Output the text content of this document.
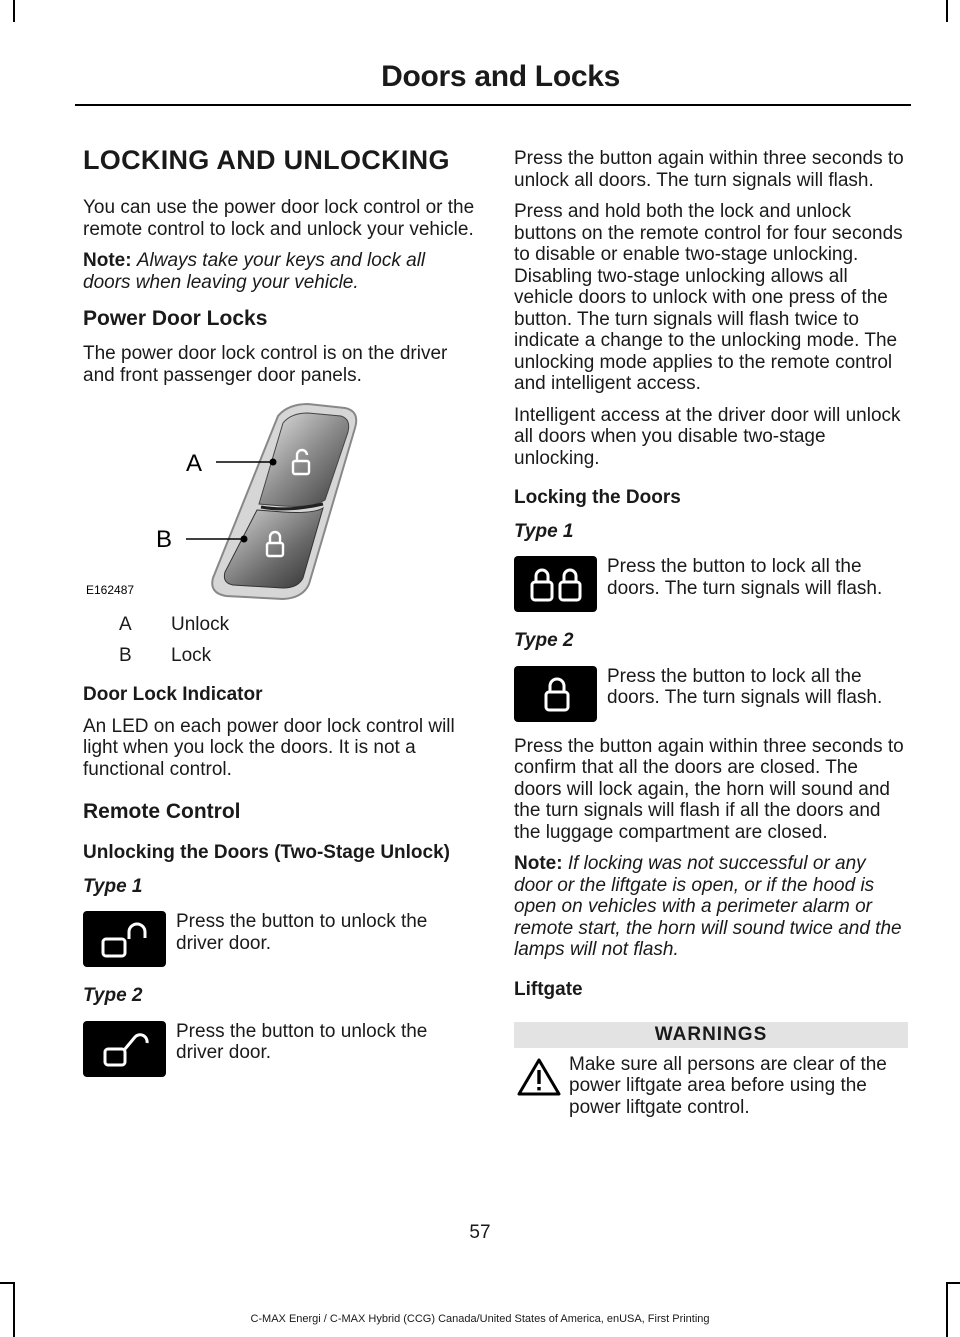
Doors and Locks
LOCKING AND UNLOCKING

You can use the power door lock control or the remote control to lock and unlock your vehicle.

Note: Always take your keys and lock all doors when leaving your vehicle.

Power Door Locks

The power door lock control is on the driver and front passenger door panels.

A
B
E162487
A	Unlock
B	Lock
Door Lock Indicator

An LED on each power door lock control will light when you lock the doors. It is not a functional control.

Remote Control
Unlocking the Doors (Two-Stage Unlock)
Type 1

Press the button to unlock the driver door.

Type 2

Press the button to unlock the driver door.

Press the button again within three seconds to unlock all doors. The turn signals will flash.

Press and hold both the lock and unlock buttons on the remote control for four seconds to disable or enable two-stage unlocking. Disabling two-stage unlocking allows all vehicle doors to unlock with one press of the button. The turn signals will flash twice to indicate a change to the unlocking mode. The unlocking mode applies to the remote control and intelligent access.

Intelligent access at the driver door will unlock all doors when you disable two-stage unlocking.

Locking the Doors
Type 1

Press the button to lock all the doors. The turn signals will flash.

Type 2

Press the button to lock all the doors. The turn signals will flash.

Press the button again within three seconds to confirm that all the doors are closed. The doors will lock again, the horn will sound and the turn signals will flash if all the doors and the luggage compartment are closed.

Note: If locking was not successful or any door or the liftgate is open, or if the hood is open on vehicles with a perimeter alarm or remote start, the horn will sound twice and the lamps will not flash.

Liftgate
WARNINGS

Make sure all persons are clear of the power liftgate area before using the power liftgate control.

57
C-MAX Energi / C-MAX Hybrid (CCG) Canada/United States of America, enUSA, First Printing
